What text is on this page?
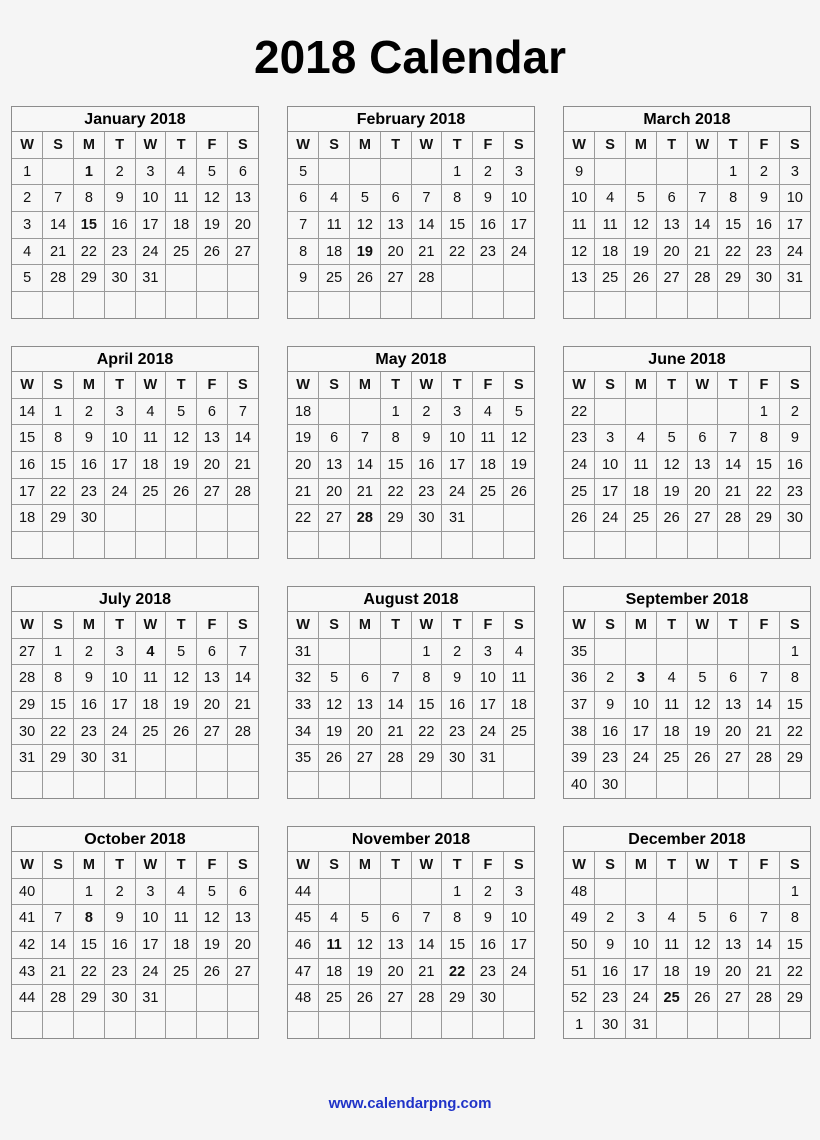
2018 Calendar
January 2018
W	S	M	T	W	T	F	S
1		1	2	3	4	5	6
2	7	8	9	10	11	12	13
3	14	15	16	17	18	19	20
4	21	22	23	24	25	26	27
5	28	29	30	31			

February 2018
W	S	M	T	W	T	F	S
5					1	2	3
6	4	5	6	7	8	9	10
7	11	12	13	14	15	16	17
8	18	19	20	21	22	23	24
9	25	26	27	28			

March 2018
W	S	M	T	W	T	F	S
9					1	2	3
10	4	5	6	7	8	9	10
11	11	12	13	14	15	16	17
12	18	19	20	21	22	23	24
13	25	26	27	28	29	30	31

April 2018
W	S	M	T	W	T	F	S
14	1	2	3	4	5	6	7
15	8	9	10	11	12	13	14
16	15	16	17	18	19	20	21
17	22	23	24	25	26	27	28
18	29	30					

May 2018
W	S	M	T	W	T	F	S
18			1	2	3	4	5
19	6	7	8	9	10	11	12
20	13	14	15	16	17	18	19
21	20	21	22	23	24	25	26
22	27	28	29	30	31		

June 2018
W	S	M	T	W	T	F	S
22						1	2
23	3	4	5	6	7	8	9
24	10	11	12	13	14	15	16
25	17	18	19	20	21	22	23
26	24	25	26	27	28	29	30

July 2018
W	S	M	T	W	T	F	S
27	1	2	3	4	5	6	7
28	8	9	10	11	12	13	14
29	15	16	17	18	19	20	21
30	22	23	24	25	26	27	28
31	29	30	31				

August 2018
W	S	M	T	W	T	F	S
31				1	2	3	4
32	5	6	7	8	9	10	11
33	12	13	14	15	16	17	18
34	19	20	21	22	23	24	25
35	26	27	28	29	30	31	

September 2018
W	S	M	T	W	T	F	S
35							1
36	2	3	4	5	6	7	8
37	9	10	11	12	13	14	15
38	16	17	18	19	20	21	22
39	23	24	25	26	27	28	29
40	30						
October 2018
W	S	M	T	W	T	F	S
40		1	2	3	4	5	6
41	7	8	9	10	11	12	13
42	14	15	16	17	18	19	20
43	21	22	23	24	25	26	27
44	28	29	30	31			

November 2018
W	S	M	T	W	T	F	S
44					1	2	3
45	4	5	6	7	8	9	10
46	11	12	13	14	15	16	17
47	18	19	20	21	22	23	24
48	25	26	27	28	29	30	

December 2018
W	S	M	T	W	T	F	S
48							1
49	2	3	4	5	6	7	8
50	9	10	11	12	13	14	15
51	16	17	18	19	20	21	22
52	23	24	25	26	27	28	29
1	30	31					
www.calendarpng.com
